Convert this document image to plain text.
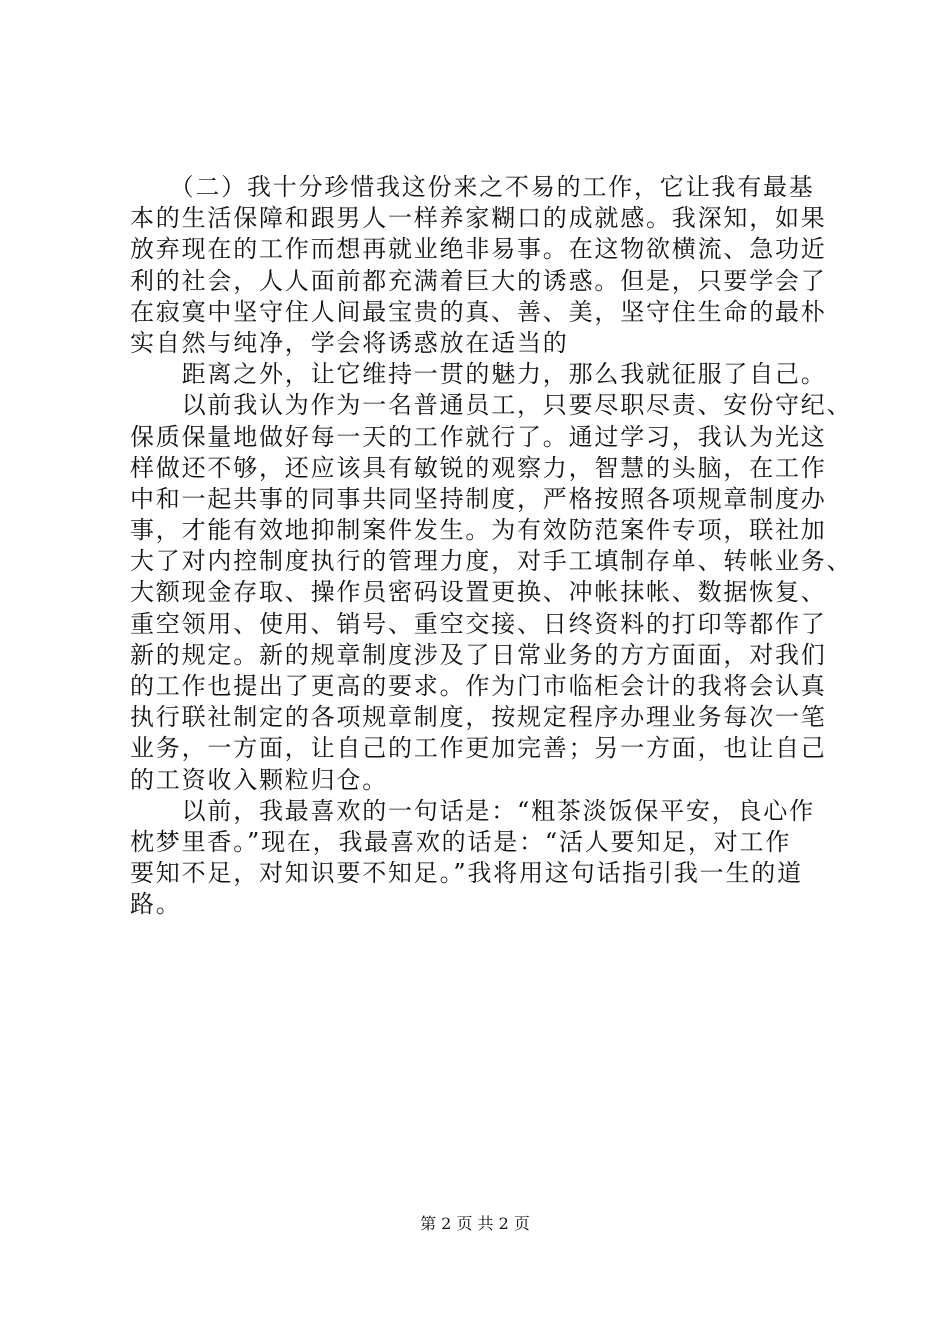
　　（二）我十分珍惜我这份来之不易的工作，它让我有最基
本的生活保障和跟男人一样养家糊口的成就感。我深知，如果
放弃现在的工作而想再就业绝非易事。在这物欲横流、急功近
利的社会，人人面前都充满着巨大的诱惑。但是，只要学会了
在寂寞中坚守住人间最宝贵的真、善、美，坚守住生命的最朴
实自然与纯净，学会将诱惑放在适当的
　　距离之外，让它维持一贯的魅力，那么我就征服了自己。
　　以前我认为作为一名普通员工，只要尽职尽责、安份守纪、
保质保量地做好每一天的工作就行了。通过学习，我认为光这
样做还不够，还应该具有敏锐的观察力，智慧的头脑，在工作
中和一起共事的同事共同坚持制度，严格按照各项规章制度办
事，才能有效地抑制案件发生。为有效防范案件专项，联社加
大了对内控制度执行的管理力度，对手工填制存单、转帐业务、
大额现金存取、操作员密码设置更换、冲帐抹帐、数据恢复、
重空领用、使用、销号、重空交接、日终资料的打印等都作了
新的规定。新的规章制度涉及了日常业务的方方面面，对我们
的工作也提出了更高的要求。作为门市临柜会计的我将会认真
执行联社制定的各项规章制度，按规定程序办理业务每次一笔
业务，一方面，让自己的工作更加完善；另一方面，也让自己
的工资收入颗粒归仓。
　　以前，我最喜欢的一句话是：“粗茶淡饭保平安，良心作
枕梦里香。”现在，我最喜欢的话是：“活人要知足，对工作
要知不足，对知识要不知足。”我将用这句话指引我一生的道
路。
第 2 页 共 2 页
